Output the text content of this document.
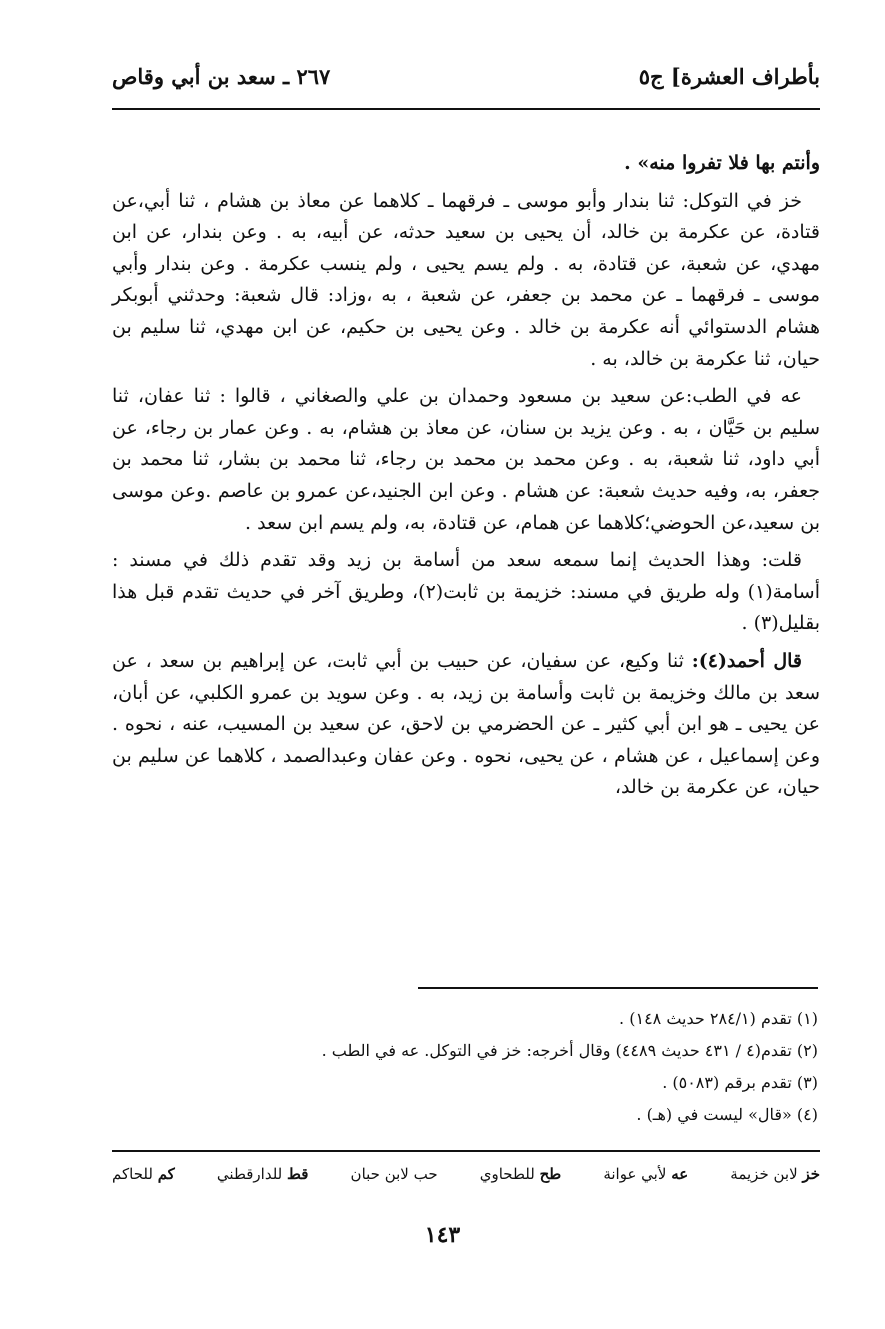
بأطراف العشرة] ج٥
٢٦٧ ـ سعد بن أبي وقاص

وأنتم بها فلا تفروا منه» .

خز في التوكل: ثنا بندار وأبو موسى ـ فرقهما ـ كلاهما عن معاذ بن هشام ، ثنا أبي،عن قتادة، عن عكرمة بن خالد، أن يحيى بن سعيد حدثه، عن أبيه، به . وعن بندار، عن ابن مهدي، عن شعبة، عن قتادة، به . ولم يسم يحيى ، ولم ينسب عكرمة . وعن بندار وأبي موسى ـ فرقهما ـ عن محمد بن جعفر، عن شعبة ، به ،وزاد: قال شعبة: وحدثني أبوبكر هشام الدستوائي أنه عكرمة بن خالد . وعن يحيى بن حكيم، عن ابن مهدي، ثنا سليم بن حيان، ثنا عكرمة بن خالد، به .

عه في الطب:عن سعيد بن مسعود وحمدان بن علي والصغاني ، قالوا : ثنا عفان، ثنا سليم بن حَيَّان ، به . وعن يزيد بن سنان، عن معاذ بن هشام، به . وعن عمار بن رجاء، عن أبي داود، ثنا شعبة، به . وعن محمد بن محمد بن رجاء، ثنا محمد بن بشار، ثنا محمد بن جعفر، به، وفيه حديث شعبة: عن هشام . وعن ابن الجنيد،عن عمرو بن عاصم .وعن موسى بن سعيد،عن الحوضي؛كلاهما عن همام، عن قتادة، به، ولم يسم ابن سعد .

قلت: وهذا الحديث إنما سمعه سعد من أسامة بن زيد وقد تقدم ذلك في مسند : أسامة(١) وله طريق في مسند: خزيمة بن ثابت(٢)، وطريق آخر في حديث تقدم قبل هذا بقليل(٣) .

قال أحمد(٤): ثنا وكيع، عن سفيان، عن حبيب بن أبي ثابت، عن إبراهيم بن سعد ، عن سعد بن مالك وخزيمة بن ثابت وأسامة بن زيد، به . وعن سويد بن عمرو الكلبي، عن أبان، عن يحيى ـ هو ابن أبي كثير ـ عن الحضرمي بن لاحق، عن سعيد بن المسيب، عنه ، نحوه . وعن إسماعيل ، عن هشام ، عن يحيى، نحوه . وعن عفان وعبدالصمد ، كلاهما عن سليم بن حيان، عن عكرمة بن خالد،

(١) تقدم (٢٨٤/١ حديث ١٤٨) .
(٢) تقدم(٤ / ٤٣١ حديث ٤٤٨٩) وقال أخرجه: خز في التوكل. عه في الطب .
(٣) تقدم برقم (٥٠٨٣) .
(٤) «قال» ليست في (هـ) .
خز لابن خزيمة
عه لأبي عوانة
طح للطحاوي
حب لابن حبان
قط للدارقطني
كم للحاكم
١٤٣
